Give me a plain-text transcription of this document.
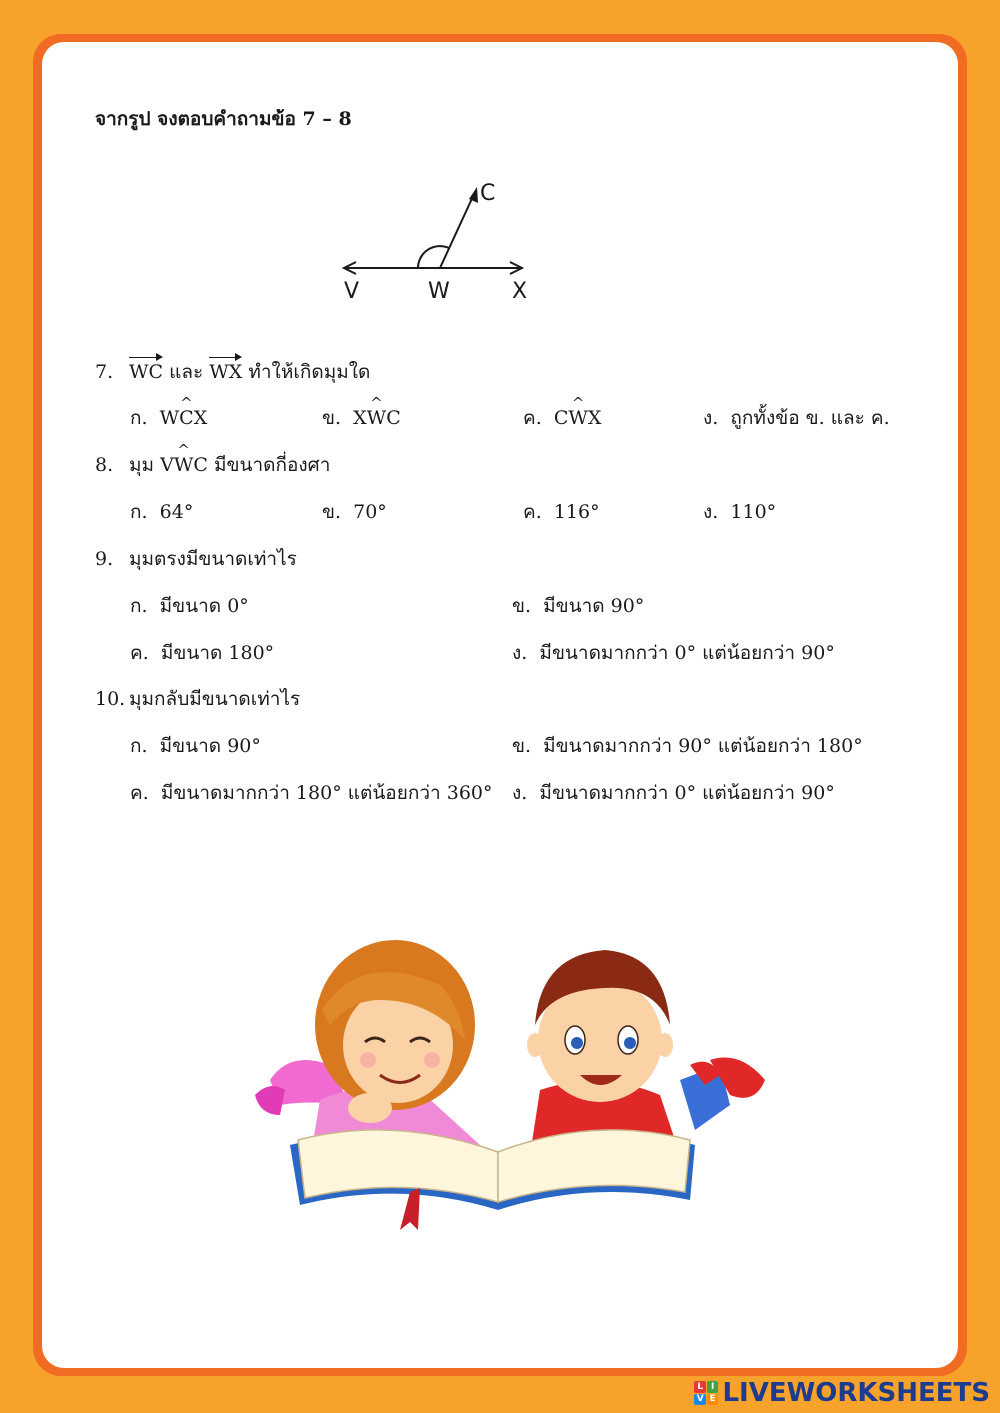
จากรูป จงตอบคำถามข้อ 7 – 8
C
V	W	X
7. WC และ WX ทำให้เกิดมุมใด
ก. W
^
CX	ข. X
^
WC	ค. C
^
WX	ง. ถูกทั้งข้อ ข. และ ค.
8. มุม V
^
WC มีขนาดกี่องศา
ก. 64°	ข. 70°	ค. 116°	ง. 110°
9. มุมตรงมีขนาดเท่าไร
ก. มีขนาด 0°	ข. มีขนาด 90°
ค. มีขนาด 180°	ง. มีขนาดมากกว่า 0° แต่น้อยกว่า 90°
10. มุมกลับมีขนาดเท่าไร
ก. มีขนาด 90°	ข. มีขนาดมากกว่า 90° แต่น้อยกว่า 180°
ค. มีขนาดมากกว่า 180° แต่น้อยกว่า 360° ง. มีขนาดมากกว่า 0° แต่น้อยกว่า 90°
L I
V E LIVEWORKSHEETS
